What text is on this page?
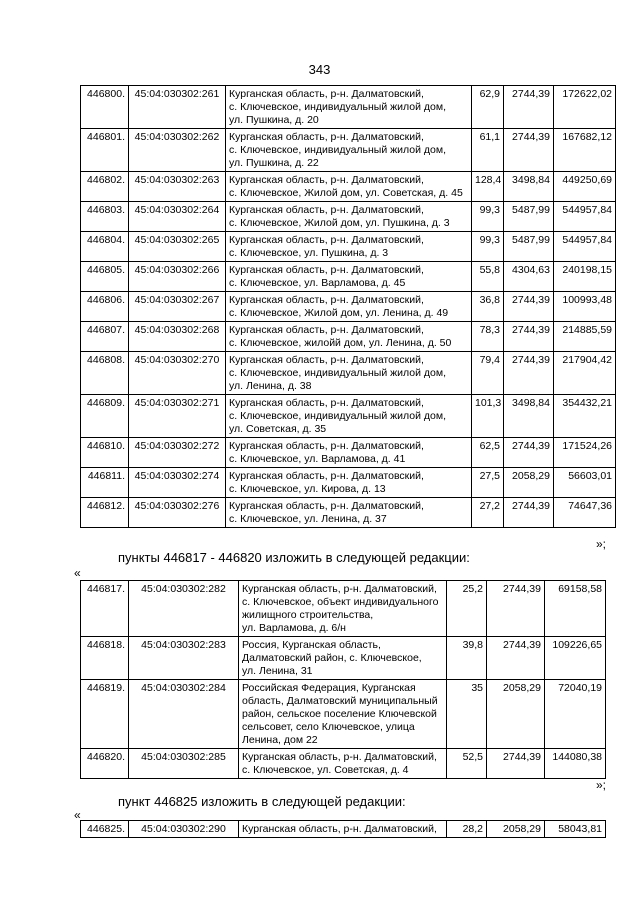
343
446800.	45:04:030302:261	Курганская область, р-н. Далматовский,
с. Ключевское, индивидуальный жилой дом,
ул. Пушкина, д. 20	62,9	2744,39	172622,02
446801.	45:04:030302:262	Курганская область, р-н. Далматовский,
с. Ключевское, индивидуальный жилой дом,
ул. Пушкина, д. 22	61,1	2744,39	167682,12
446802.	45:04:030302:263	Курганская область, р-н. Далматовский,
с. Ключевское, Жилой дом, ул. Советская, д. 45	128,4	3498,84	449250,69
446803.	45:04:030302:264	Курганская область, р-н. Далматовский,
с. Ключевское, Жилой дом, ул. Пушкина, д. 3	99,3	5487,99	544957,84
446804.	45:04:030302:265	Курганская область, р-н. Далматовский,
с. Ключевское, ул. Пушкина, д. 3	99,3	5487,99	544957,84
446805.	45:04:030302:266	Курганская область, р-н. Далматовский,
с. Ключевское, ул. Варламова, д. 45	55,8	4304,63	240198,15
446806.	45:04:030302:267	Курганская область, р-н. Далматовский,
с. Ключевское, Жилой дом, ул. Ленина, д. 49	36,8	2744,39	100993,48
446807.	45:04:030302:268	Курганская область, р-н. Далматовский,
с. Ключевское, жилойй дом, ул. Ленина, д. 50	78,3	2744,39	214885,59
446808.	45:04:030302:270	Курганская область, р-н. Далматовский,
с. Ключевское, индивидуальный жилой дом,
ул. Ленина, д. 38	79,4	2744,39	217904,42
446809.	45:04:030302:271	Курганская область, р-н. Далматовский,
с. Ключевское, индивидуальный жилой дом,
ул. Советская, д. 35	101,3	3498,84	354432,21
446810.	45:04:030302:272	Курганская область, р-н. Далматовский,
с. Ключевское, ул. Варламова, д. 41	62,5	2744,39	171524,26
446811.	45:04:030302:274	Курганская область, р-н. Далматовский,
с. Ключевское, ул. Кирова, д. 13	27,5	2058,29	56603,01
446812.	45:04:030302:276	Курганская область, р-н. Далматовский,
с. Ключевское, ул. Ленина, д. 37	27,2	2744,39	74647,36
»;
пункты 446817 - 446820 изложить в следующей редакции:
«
446817.	45:04:030302:282	Курганская область, р-н. Далматовский,
с. Ключевское, объект индивидуального
жилищного строительства,
ул. Варламова, д. 6/н	25,2	2744,39	69158,58
446818.	45:04:030302:283	Россия, Курганская область,
Далматовский район, с. Ключевское,
ул. Ленина, 31	39,8	2744,39	109226,65
446819.	45:04:030302:284	Российская Федерация, Курганская
область, Далматовский муниципальный
район, сельское поселение Ключевской
сельсовет, село Ключевское, улица
Ленина, дом 22	35	2058,29	72040,19
446820.	45:04:030302:285	Курганская область, р-н. Далматовский,
с. Ключевское, ул. Советская, д. 4	52,5	2744,39	144080,38
»;
пункт 446825 изложить в следующей редакции:
«
446825.	45:04:030302:290	Курганская область, р-н. Далматовский,	28,2	2058,29	58043,81
